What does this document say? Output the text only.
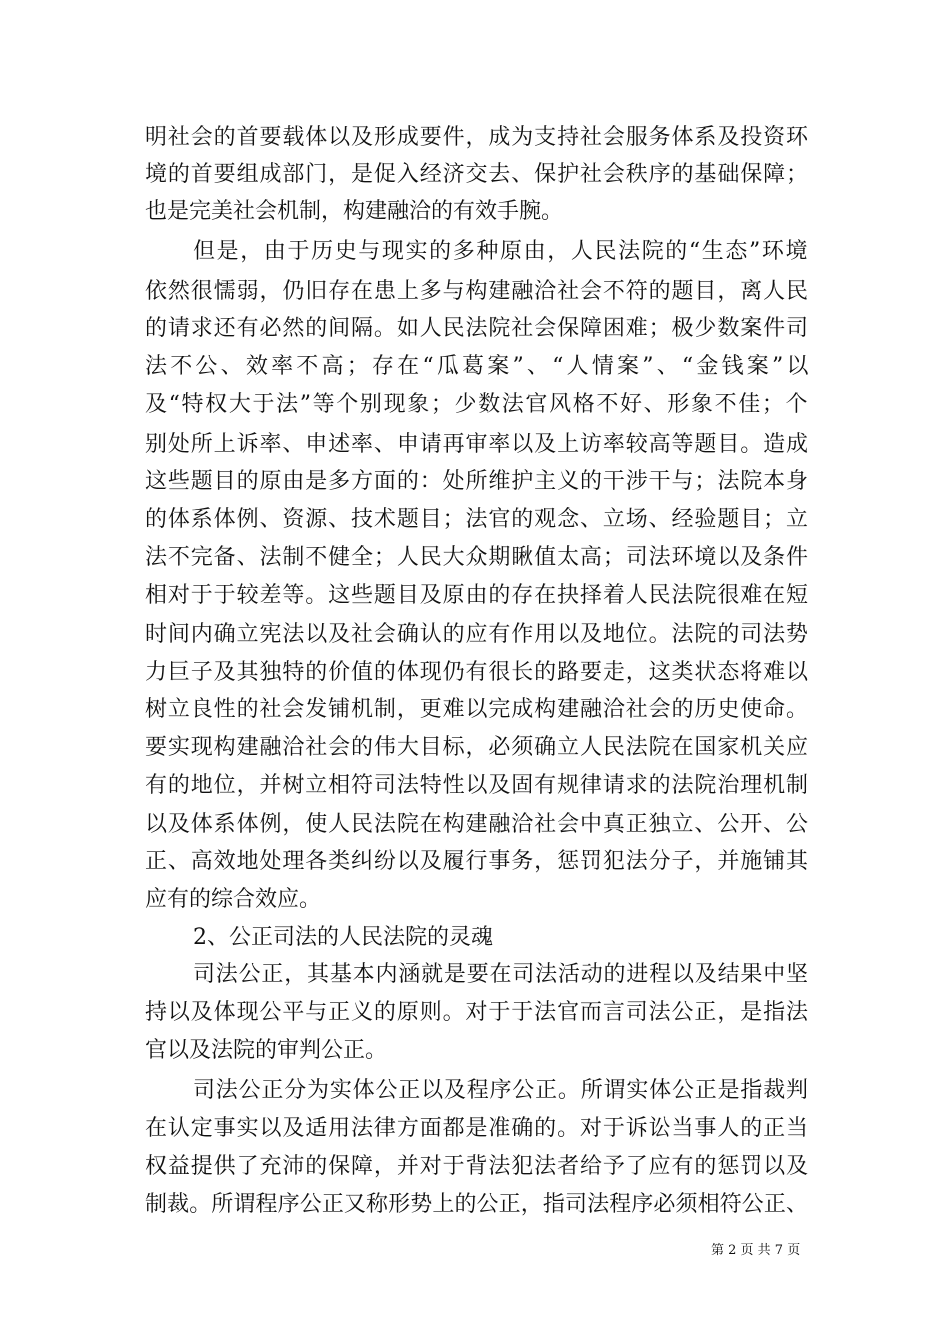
明社会的首要载体以及形成要件，成为支持社会服务体系及投资环
境的首要组成部门，是促入经济交去、保护社会秩序的基础保障；
也是完美社会机制，构建融洽的有效手腕。
但是，由于历史与现实的多种原由，人民法院的“生态”环境
依然很懦弱，仍旧存在患上多与构建融洽社会不符的题目，离人民
的请求还有必然的间隔。如人民法院社会保障困难；极少数案件司
法不公、效率不高；存在“瓜葛案”、“人情案”、“金钱案”以
及“特权大于法”等个别现象；少数法官风格不好、形象不佳；个
别处所上诉率、申述率、申请再审率以及上访率较高等题目。造成
这些题目的原由是多方面的：处所维护主义的干涉干与；法院本身
的体系体例、资源、技术题目；法官的观念、立场、经验题目；立
法不完备、法制不健全；人民大众期瞅值太高；司法环境以及条件
相对于于较差等。这些题目及原由的存在抉择着人民法院很难在短
时间内确立宪法以及社会确认的应有作用以及地位。法院的司法势
力巨子及其独特的价值的体现仍有很长的路要走，这类状态将难以
树立良性的社会发铺机制，更难以完成构建融洽社会的历史使命。
要实现构建融洽社会的伟大目标，必须确立人民法院在国家机关应
有的地位，并树立相符司法特性以及固有规律请求的法院治理机制
以及体系体例，使人民法院在构建融洽社会中真正独立、公开、公
正、高效地处理各类纠纷以及履行事务，惩罚犯法分子，并施铺其
应有的综合效应。
2、公正司法的人民法院的灵魂
司法公正，其基本内涵就是要在司法活动的进程以及结果中坚
持以及体现公平与正义的原则。对于于法官而言司法公正，是指法
官以及法院的审判公正。
司法公正分为实体公正以及程序公正。所谓实体公正是指裁判
在认定事实以及适用法律方面都是准确的。对于诉讼当事人的正当
权益提供了充沛的保障，并对于背法犯法者给予了应有的惩罚以及
制裁。所谓程序公正又称形势上的公正，指司法程序必须相符公正、
第 2 页 共 7 页
